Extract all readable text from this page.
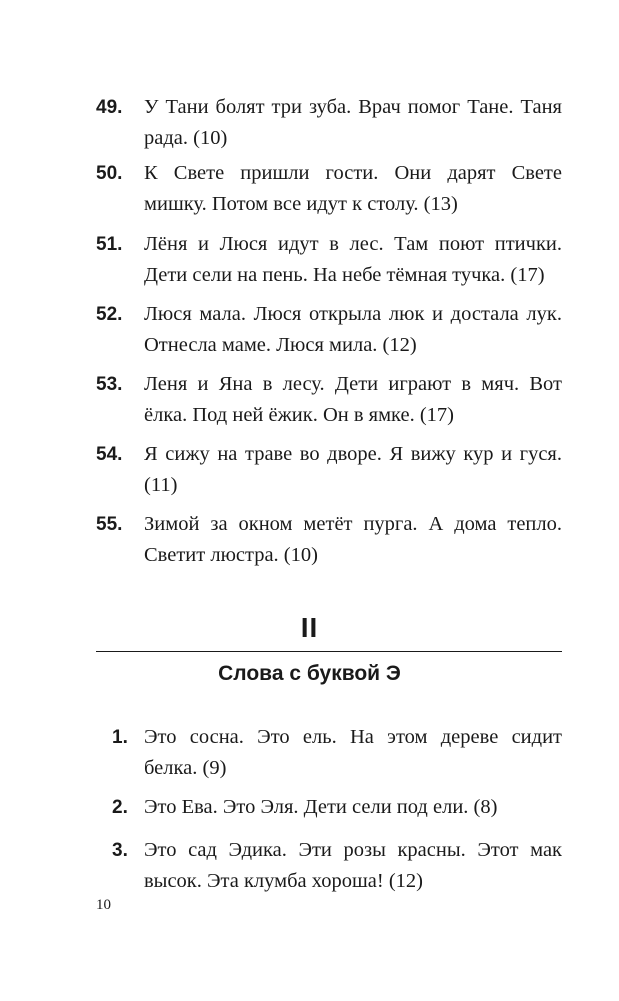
49. У Тани болят три зуба. Врач помог Тане. Таня рада. (10)
50. К Свете пришли гости. Они дарят Свете мишку. Потом все идут к столу. (13)
51. Лёня и Люся идут в лес. Там поют птички. Дети сели на пень. На небе тёмная тучка. (17)
52. Люся мала. Люся открыла люк и достала лук. Отнесла маме. Люся мила. (12)
53. Леня и Яна в лесу. Дети играют в мяч. Вот ёлка. Под ней ёжик. Он в ямке. (17)
54. Я сижу на траве во дворе. Я вижу кур и гуся. (11)
55. Зимой за окном метёт пурга. А дома тепло. Светит люстра. (10)
II
Слова с буквой Э
1. Это сосна. Это ель. На этом дереве сидит белка. (9)
2. Это Ева. Это Эля. Дети сели под ели. (8)
3. Это сад Эдика. Эти розы красны. Этот мак высок. Эта клумба хороша! (12)
10
